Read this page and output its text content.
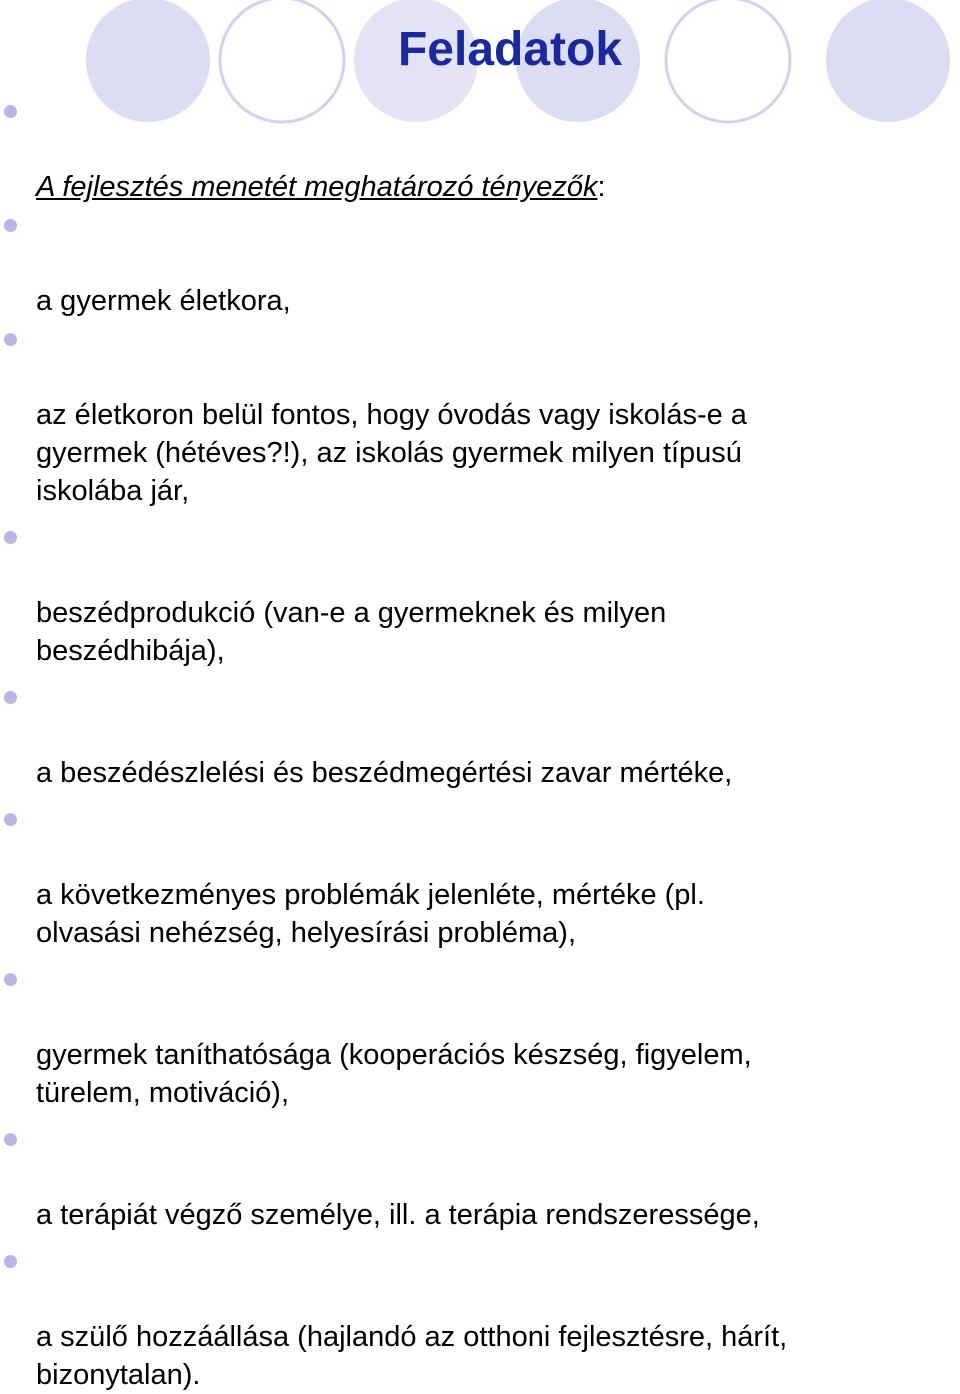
Feladatok

A fejlesztés menetét meghatározó tényezők:

a gyermek életkora,

az életkoron belül fontos, hogy óvodás vagy iskolás-e a
gyermek (hétéves?!), az iskolás gyermek milyen típusú
iskolába jár,

beszédprodukció (van-e a gyermeknek és milyen
beszédhibája),

a beszédészlelési és beszédmegértési zavar mértéke,

a következményes problémák jelenléte, mértéke (pl.
olvasási nehézség, helyesírási probléma),

gyermek taníthatósága (kooperációs készség, figyelem,
türelem, motiváció),

a terápiát végző személye, ill. a terápia rendszeressége,

a szülő hozzáállása (hajlandó az otthoni fejlesztésre, hárít,
bizonytalan).
